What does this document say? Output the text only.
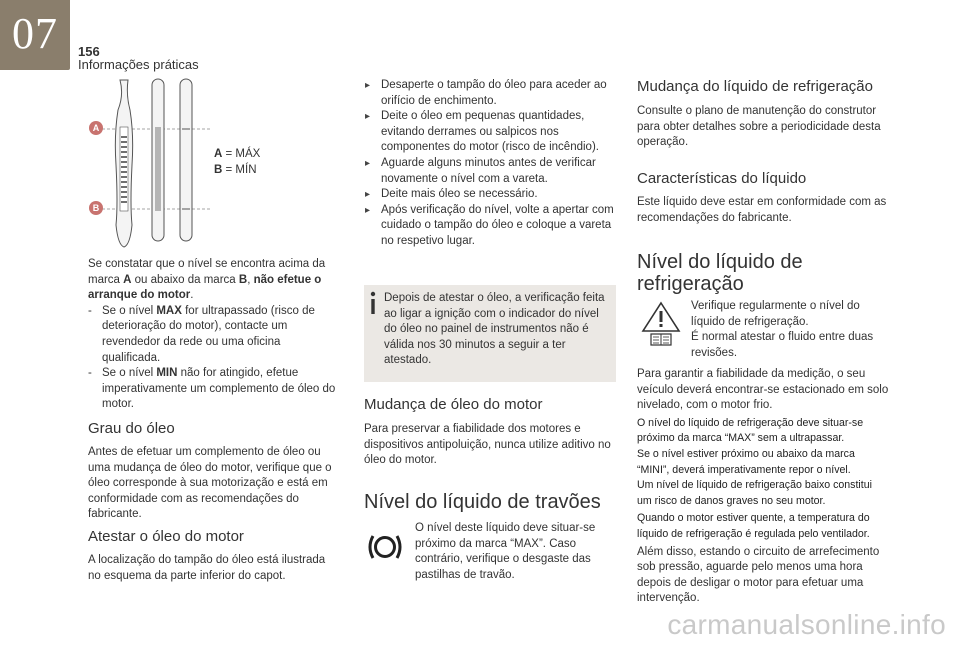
07	156
Informações práticas
A
B
A = MÁX
B = MÍN

Se constatar que o nível se encontra acima da marca A ou abaixo da marca B, não efetue o arranque do motor.

- Se o nível MAX for ultrapassado (risco de deterioração do motor), contacte um revendedor da rede ou uma oficina qualificada.

- Se o nível MIN não for atingido, efetue imperativamente um complemento de óleo do motor.

Grau do óleo

Antes de efetuar um complemento de óleo ou uma mudança de óleo do motor, verifique que o óleo corresponde à sua motorização e está em conformidade com as recomendações do fabricante.

Atestar o óleo do motor

A localização do tampão do óleo está ilustrada no esquema da parte inferior do capot.

▸ Desaperte o tampão do óleo para aceder ao orifício de enchimento.

▸ Deite o óleo em pequenas quantidades, evitando derrames ou salpicos nos componentes do motor (risco de incêndio).

▸ Aguarde alguns minutos antes de verificar novamente o nível com a vareta.

▸ Deite mais óleo se necessário.

▸ Após verificação do nível, volte a apertar com cuidado o tampão do óleo e coloque a vareta no respetivo lugar.

Depois de atestar o óleo, a verificação feita ao ligar a ignição com o indicador do nível do óleo no painel de instrumentos não é válida nos 30 minutos a seguir a ter atestado.

Mudança de óleo do motor

Para preservar a fiabilidade dos motores e dispositivos antipoluição, nunca utilize aditivo no óleo do motor.

Nível do líquido de travões

O nível deste líquido deve situar-se próximo da marca “MAX”. Caso contrário, verifique o desgaste das pastilhas de travão.

Mudança do líquido de refrigeração

Consulte o plano de manutenção do construtor para obter detalhes sobre a periodicidade desta operação.

Características do líquido

Este líquido deve estar em conformidade com as recomendações do fabricante.

Nível do líquido de
refrigeração

Verifique regularmente o nível do líquido de refrigeração.
É normal atestar o fluido entre duas revisões.

Para garantir a fiabilidade da medição, o seu veículo deverá encontrar-se estacionado em solo nivelado, com o motor frio.

O nível do líquido de refrigeração deve situar-se próximo da marca “MAX” sem a ultrapassar.

Se o nível estiver próximo ou abaixo da marca “MINI”, deverá imperativamente repor o nível.

Um nível de líquido de refrigeração baixo constitui um risco de danos graves no seu motor.

Quando o motor estiver quente, a temperatura do líquido de refrigeração é regulada pelo ventilador.

Além disso, estando o circuito de arrefecimento sob pressão, aguarde pelo menos uma hora depois de desligar o motor para efetuar uma intervenção.

carmanualsonline.info
